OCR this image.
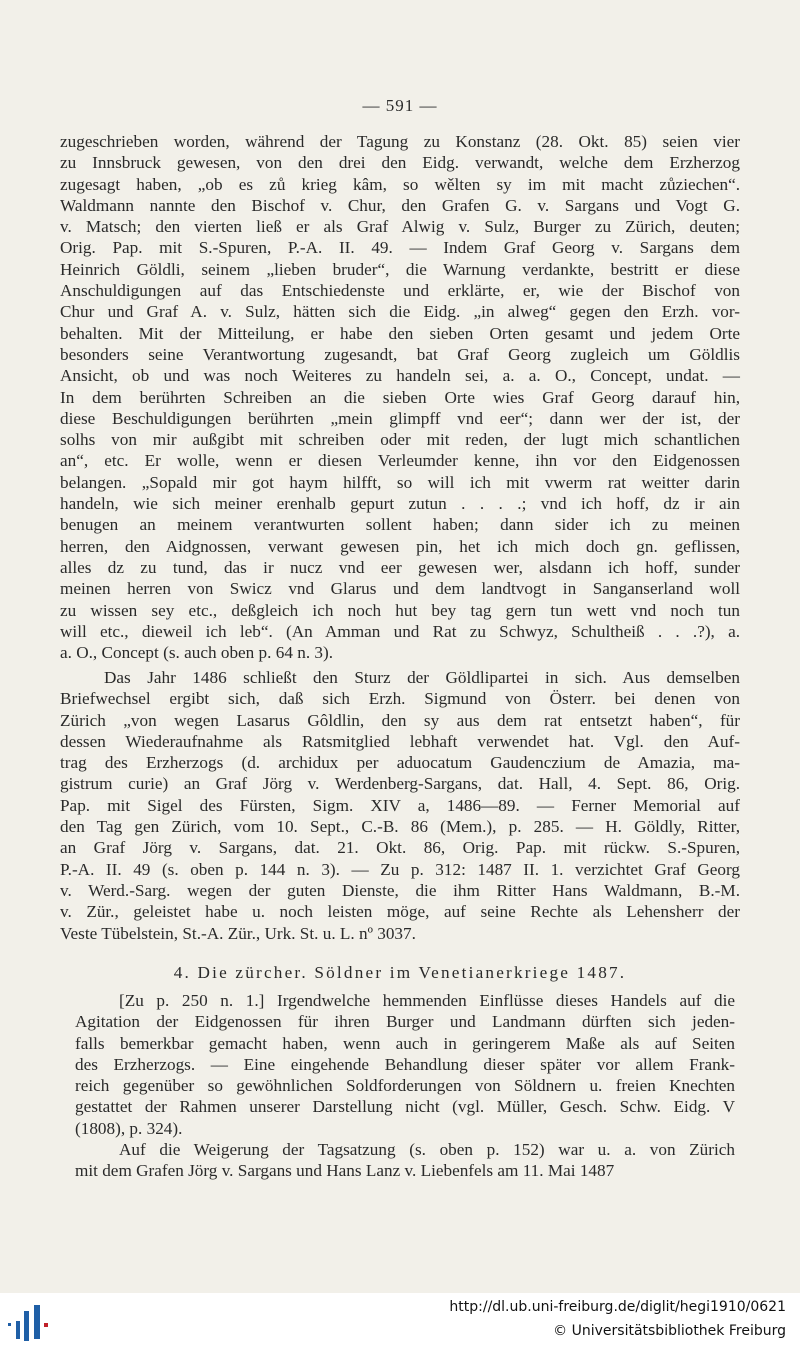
— 591 —
zugeschrieben worden, während der Tagung zu Konstanz (28. Okt. 85) seien vier
zu Innsbruck gewesen, von den drei den Eidg. verwandt, welche dem Erzherzog
zugesagt haben, „ob es zů krieg kâm, so wělten sy im mit macht zůziechen“.
Waldmann nannte den Bischof v. Chur, den Grafen G. v. Sargans und Vogt G.
v. Matsch; den vierten ließ er als Graf Alwig v. Sulz, Burger zu Zürich, deuten;
Orig. Pap. mit S.-Spuren, P.-A. II. 49. — Indem Graf Georg v. Sargans dem
Heinrich Göldli, seinem „lieben bruder“, die Warnung verdankte, bestritt er diese
Anschuldigungen auf das Entschiedenste und erklärte, er, wie der Bischof von
Chur und Graf A. v. Sulz, hätten sich die Eidg. „in alweg“ gegen den Erzh. vor-
behalten. Mit der Mitteilung, er habe den sieben Orten gesamt und jedem Orte
besonders seine Verantwortung zugesandt, bat Graf Georg zugleich um Göldlis
Ansicht, ob und was noch Weiteres zu handeln sei, a. a. O., Concept, undat. —
In dem berührten Schreiben an die sieben Orte wies Graf Georg darauf hin,
diese Beschuldigungen berührten „mein glimpff vnd eer“; dann wer der ist, der
solhs von mir außgibt mit schreiben oder mit reden, der lugt mich schantlichen
an“, etc. Er wolle, wenn er diesen Verleumder kenne, ihn vor den Eidgenossen
belangen. „Sopald mir got haym hilfft, so will ich mit vwerm rat weitter darin
handeln, wie sich meiner erenhalb gepurt zutun . . . .; vnd ich hoff, dz ir ain
benugen an meinem verantwurten sollent haben; dann sider ich zu meinen
herren, den Aidgnossen, verwant gewesen pin, het ich mich doch gn. geflissen,
alles dz zu tund, das ir nucz vnd eer gewesen wer, alsdann ich hoff, sunder
meinen herren von Swicz vnd Glarus und dem landtvogt in Sanganserland woll
zu wissen sey etc., deßgleich ich noch hut bey tag gern tun wett vnd noch tun
will etc., dieweil ich leb“. (An Amman und Rat zu Schwyz, Schultheiß . . .?), a.
a. O., Concept (s. auch oben p. 64 n. 3).
Das Jahr 1486 schließt den Sturz der Göldlipartei in sich. Aus demselben
Briefwechsel ergibt sich, daß sich Erzh. Sigmund von Österr. bei denen von
Zürich „von wegen Lasarus Gôldlin, den sy aus dem rat entsetzt haben“, für
dessen Wiederaufnahme als Ratsmitglied lebhaft verwendet hat. Vgl. den Auf-
trag des Erzherzogs (d. archidux per aduocatum Gaudenczium de Amazia, ma-
gistrum curie) an Graf Jörg v. Werdenberg-Sargans, dat. Hall, 4. Sept. 86, Orig.
Pap. mit Sigel des Fürsten, Sigm. XIV a, 1486—89. — Ferner Memorial auf
den Tag gen Zürich, vom 10. Sept., C.-B. 86 (Mem.), p. 285. — H. Göldly, Ritter,
an Graf Jörg v. Sargans, dat. 21. Okt. 86, Orig. Pap. mit rückw. S.-Spuren,
P.-A. II. 49 (s. oben p. 144 n. 3). — Zu p. 312: 1487 II. 1. verzichtet Graf Georg
v. Werd.-Sarg. wegen der guten Dienste, die ihm Ritter Hans Waldmann, B.-M.
v. Zür., geleistet habe u. noch leisten möge, auf seine Rechte als Lehensherr der
Veste Tübelstein, St.-A. Zür., Urk. St. u. L. nº 3037.
4. Die zürcher. Söldner im Venetianerkriege 1487.
[Zu p. 250 n. 1.] Irgendwelche hemmenden Einflüsse dieses Handels auf die
Agitation der Eidgenossen für ihren Burger und Landmann dürften sich jeden-
falls bemerkbar gemacht haben, wenn auch in geringerem Maße als auf Seiten
des Erzherzogs. — Eine eingehende Behandlung dieser später vor allem Frank-
reich gegenüber so gewöhnlichen Soldforderungen von Söldnern u. freien Knechten
gestattet der Rahmen unserer Darstellung nicht (vgl. Müller, Gesch. Schw. Eidg. V
(1808), p. 324).
Auf die Weigerung der Tagsatzung (s. oben p. 152) war u. a. von Zürich
mit dem Grafen Jörg v. Sargans und Hans Lanz v. Liebenfels am 11. Mai 1487
http://dl.ub.uni-freiburg.de/diglit/hegi1910/0621
© Universitätsbibliothek Freiburg
